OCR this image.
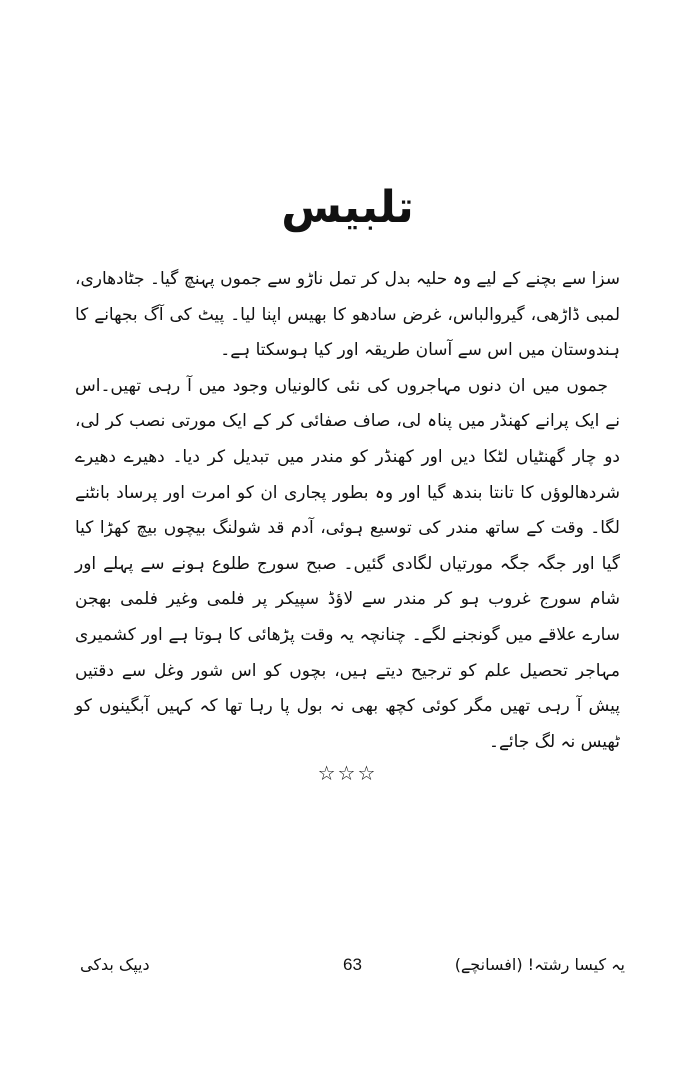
تلبیس

سزا سے بچنے کے لیے وہ حلیہ بدل کر تمل ناڑو سے جموں پہنچ گیا۔ جٹادھاری، لمبی ڈاڑھی، گیروالباس، غرض سادھو کا بھیس اپنا لیا۔ پیٹ کی آگ بجھانے کا ہندوستان میں اس سے آسان طریقہ اور کیا ہوسکتا ہے۔

جموں میں ان دنوں مہاجروں کی نئی کالونیاں وجود میں آ رہی تھیں۔اس نے ایک پرانے کھنڈر میں پناہ لی، صاف صفائی کر کے ایک مورتی نصب کر لی، دو چار گھنٹیاں لٹکا دیں اور کھنڈر کو مندر میں تبدیل کر دیا۔ دھیرے دھیرے شردھالوؤں کا تانتا بندھ گیا اور وہ بطور پجاری ان کو امرت اور پرساد بانٹنے لگا۔ وقت کے ساتھ مندر کی توسیع ہوئی، آدم قد شولنگ بیچوں بیچ کھڑا کیا گیا اور جگہ جگہ مورتیاں لگادی گئیں۔ صبح سورج طلوع ہونے سے پہلے اور شام سورج غروب ہو کر مندر سے لاؤڈ سپیکر پر فلمی وغیر فلمی بھجن سارے علاقے میں گونجنے لگے۔ چنانچہ یہ وقت پڑھائی کا ہوتا ہے اور کشمیری مہاجر تحصیل علم کو ترجیح دیتے ہیں، بچوں کو اس شور وغل سے دقتیں پیش آ رہی تھیں مگر کوئی کچھ بھی نہ بول پا رہا تھا کہ کہیں آبگینوں کو ٹھیس نہ لگ جائے۔

☆☆☆
یہ کیسا رشتہ! (افسانچے)
63
دیپک بدکی
